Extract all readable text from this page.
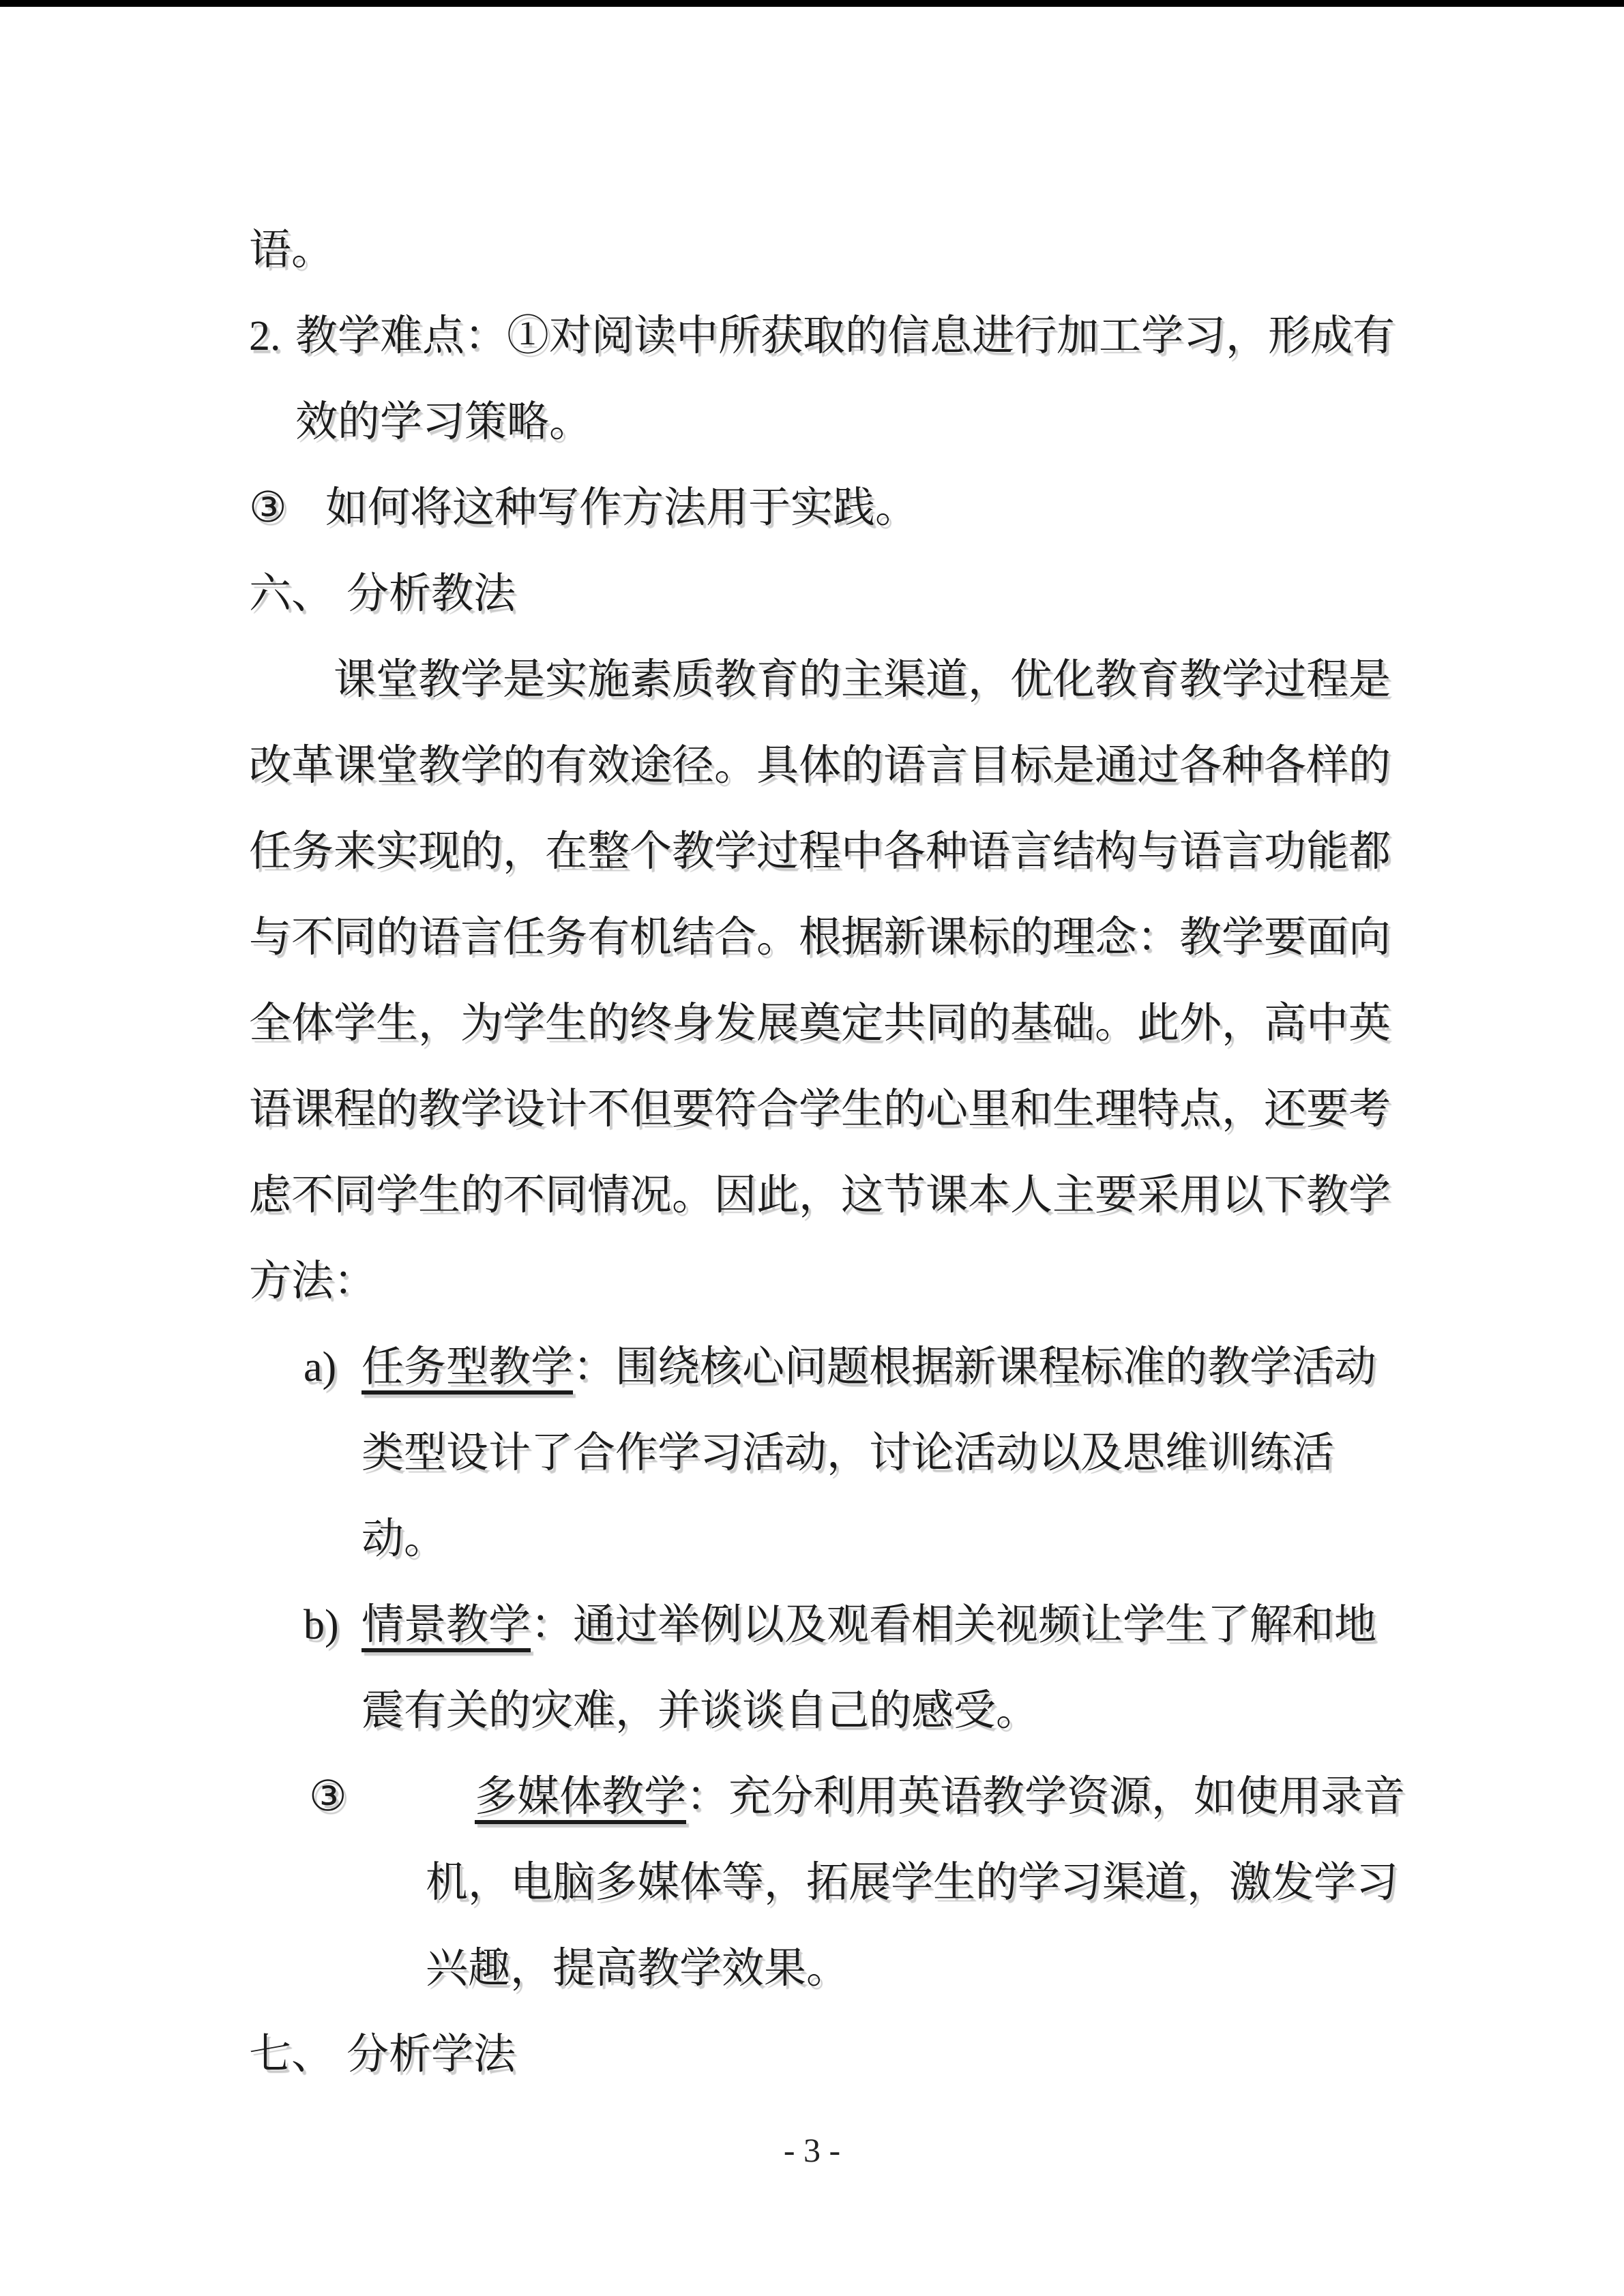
语。
2. 教学难点：①对阅读中所获取的信息进行加工学习，形成有
效的学习策略。
③ 如何将这种写作方法用于实践。
六、 分析教法
课堂教学是实施素质教育的主渠道，优化教育教学过程是
改革课堂教学的有效途径。具体的语言目标是通过各种各样的
任务来实现的，在整个教学过程中各种语言结构与语言功能都
与不同的语言任务有机结合。根据新课标的理念：教学要面向
全体学生，为学生的终身发展奠定共同的基础。此外，高中英
语课程的教学设计不但要符合学生的心里和生理特点，还要考
虑不同学生的不同情况。因此，这节课本人主要采用以下教学
方法：
a) 任务型教学：围绕核心问题根据新课程标准的教学活动
类型设计了合作学习活动，讨论活动以及思维训练活
动。
b) 情景教学：通过举例以及观看相关视频让学生了解和地
震有关的灾难，并谈谈自己的感受。
③	多媒体教学：充分利用英语教学资源，如使用录音
机，电脑多媒体等，拓展学生的学习渠道，激发学习
兴趣，提高教学效果。
七、 分析学法
- 3 -
